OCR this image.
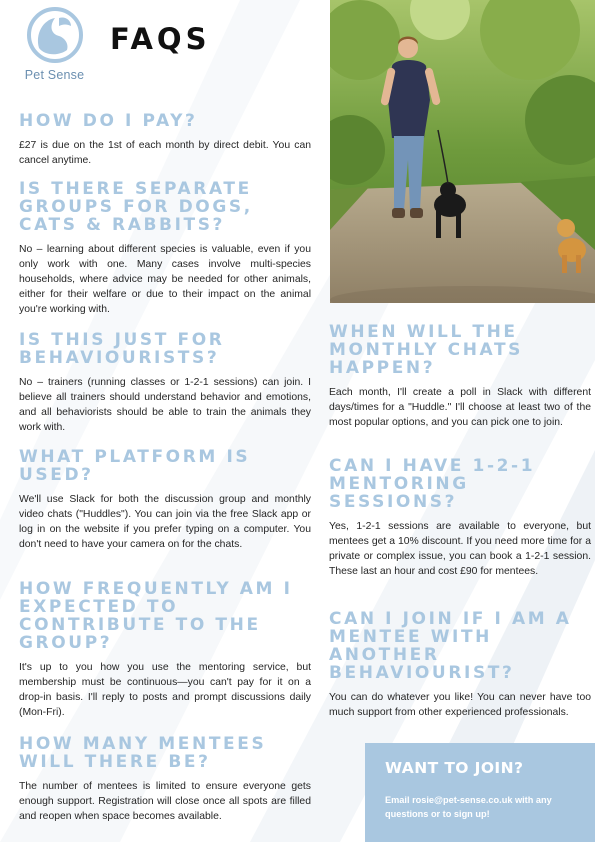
Pet Sense
FAQS
HOW DO I PAY?

£27 is due on the 1st of each month by direct debit. You can cancel anytime.

IS THERE SEPARATE GROUPS FOR DOGS, CATS & RABBITS?

No – learning about different species is valuable, even if you only work with one. Many cases involve multi-species households, where advice may be needed for other animals, either for their welfare or due to their impact on the animal you're working with.

IS THIS JUST FOR BEHAVIOURISTS?

No – trainers (running classes or 1-2-1 sessions) can join. I believe all trainers should understand behavior and emotions, and all behaviorists should be able to train the animals they work with.

WHAT PLATFORM IS USED?

We'll use Slack for both the discussion group and monthly video chats ("Huddles"). You can join via the free Slack app or log in on the website if you prefer typing on a computer. You don't need to have your camera on for the chats.

HOW FREQUENTLY AM I EXPECTED TO CONTRIBUTE TO THE GROUP?

It's up to you how you use the mentoring service, but membership must be continuous—you can't pay for it on a drop-in basis. I'll reply to posts and prompt discussions daily (Mon-Fri).

HOW MANY MENTEES WILL THERE BE?

The number of mentees is limited to ensure everyone gets enough support. Registration will close once all spots are filled and reopen when space becomes available.

WHEN WILL THE MONTHLY CHATS HAPPEN?

Each month, I'll create a poll in Slack with different days/times for a "Huddle." I'll choose at least two of the most popular options, and you can pick one to join.

CAN I HAVE 1-2-1 MENTORING SESSIONS?

Yes, 1-2-1 sessions are available to everyone, but mentees get a 10% discount. If you need more time for a private or complex issue, you can book a 1-2-1 session. These last an hour and cost £90 for mentees.

CAN I JOIN IF I AM A MENTEE WITH ANOTHER BEHAVIOURIST?

You can do whatever you like! You can never have too much support from other experienced professionals.

WANT TO JOIN?

Email rosie@pet-sense.co.uk with any questions or to sign up!
